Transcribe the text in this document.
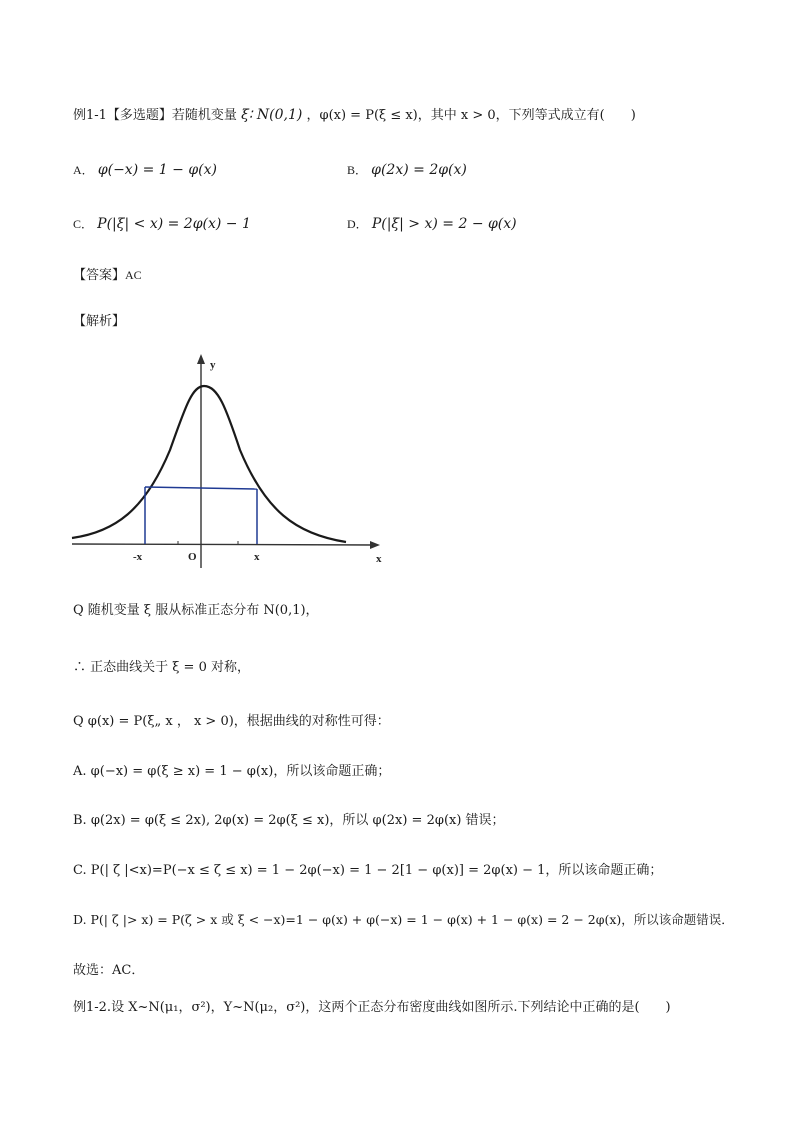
例1-1【多选题】若随机变量 ξ∶ N(0,1) ，φ(x) = P(ξ ≤ x)，其中 x > 0，下列等式成立有(　　)
A． φ(−x) = 1 − φ(x)	B． φ(2x) = 2φ(x)
C． P(|ξ| < x) = 2φ(x) − 1	D． P(|ξ| > x) = 2 − φ(x)
【答案】AC
【解析】
y
x
-x	O	x
Q 随机变量 ξ 服从标准正态分布 N(0,1)，
∴ 正态曲线关于 ξ = 0 对称，
Q φ(x) = P(ξ„ x ， x > 0)，根据曲线的对称性可得：
A. φ(−x) = φ(ξ ≥ x) = 1 − φ(x)，所以该命题正确；
B. φ(2x) = φ(ξ ≤ 2x), 2φ(x) = 2φ(ξ ≤ x)，所以 φ(2x) = 2φ(x) 错误；
C. P(| ζ |<x)=P(−x ≤ ζ ≤ x) = 1 − 2φ(−x) = 1 − 2[1 − φ(x)] = 2φ(x) − 1，所以该命题正确；
D. P(| ζ |> x) = P(ζ > x 或 ξ < −x)=1 − φ(x) + φ(−x) = 1 − φ(x) + 1 − φ(x) = 2 − 2φ(x)，所以该命题错误．
故选：AC．
例1-2.设 X~N(μ₁，σ²)，Y~N(μ₂，σ²)，这两个正态分布密度曲线如图所示.下列结论中正确的是(　　)
